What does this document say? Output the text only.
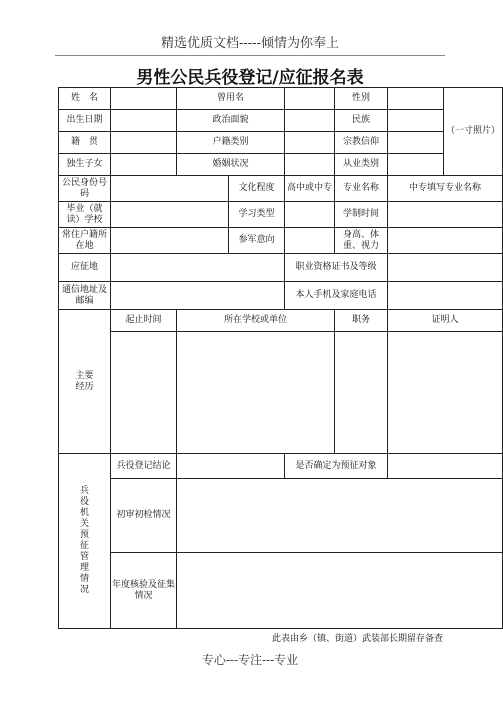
精选优质文档-----倾情为你奉上
男性公民兵役登记/应征报名表
姓　名		曾用名			性别		（一寸照片）
出生日期		政治面貌			民族		
籍　贯		户籍类别			宗教信仰		
独生子女		婚姻状况			从业类别		
公民身份号　码			文化程度	高中或中专	专业名称	中专填写专业名称	
毕业（就读）学校			学习类型		学制时间		
常住户籍所在地			参军意向		身高、体重、视力		
应征地				职业资格证书及等级			
通信地址及邮编				本人手机及家庭电话			
主要经历	起止时间	所在学校或单位			职务	证明人	

兵役机关预征管理情况	兵役登记结论			是否确定为预征对象			
	初审初检情况						
	年度核验及征集情况						
此表由乡（镇、街道）武装部长期留存备查
专心---专注---专业
